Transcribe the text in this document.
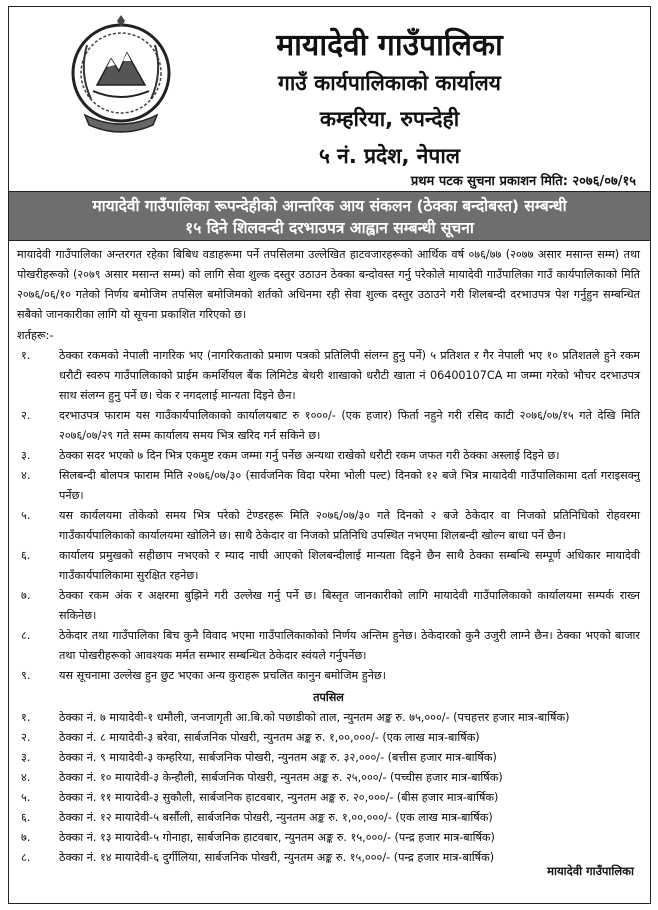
मायादेवी गाउँपालिका
गाउँ कार्यपालिकाको कार्यालय
कम्हरिया, रुपन्देही
५ नं. प्रदेश, नेपाल
प्रथम पटक सुचना प्रकाशन मिति: २०७६/०७/१५
मायादेवी गाउँपालिका रूपन्देहीको आन्तरिक आय संकलन (ठेक्का बन्दोबस्त) सम्बन्धी
१५ दिने शिलवन्दी दरभाउपत्र आह्वान सम्बन्धी सूचना

मायादेवी गाउँपालिका अन्तरगत रहेका बिबिध वडाहरूमा पर्ने तपसिलमा उल्लेखित हाटवजारहरूको आर्थिक वर्ष ०७६/७७ (२०७७ असार मसान्त सम्म) तथा पोखरीहरूको (२०७९ असार मसान्त सम्म) को लागि सेवा शुल्क दस्तुर उठाउन ठेक्का बन्दोवस्त गर्नु परेकोले मायादेवी गाउँपालिका गाउँ कार्यपालिकाको मिति २०७६/०६/१० गतेको निर्णय बमोजिम तपसिल बमोजिमको शर्तको अधिनमा रही सेवा शुल्क दस्तुर उठाउने गरी शिलबन्दी दरभाउपत्र पेश गर्नुहुन सम्बन्धित सबैको जानकारीका लागि यो सूचना प्रकाशित गरिएको छ।

शर्तहरू:-
१.	ठेक्का रकमको नेपाली नागरिक भए (नागरिकताको प्रमाण पत्रको प्रतिलिपी संलग्न हुनु पर्ने) ५ प्रतिशत र गैर नेपाली भए १० प्रतिशतले हुने रकम धरौटी स्वरुप गाउँपालिकाको प्राईम कमर्शियल बैंक लिमिटेड बेथरी शाखाको धरौटी खाता नं 06400107CA मा जम्मा गरेको भौचर दरभाउपत्र साथ संलग्न हुनु पर्ने छ। चेक र नगदलाई मान्यता दिइने छैन।
२.	दरभाउपत्र फाराम यस गाउँकार्यपालिकाको कार्यालयबाट रु १०००/- (एक हजार) फिर्ता नहुने गरी रसिद काटी २०७६/०७/१५ गते देखि मिति २०७६/०७/२९ गते सम्म कार्यालय समय भित्र खरिद गर्न सकिने छ।
३.	ठेक्का सदर भएको ७ दिन भित्र एकमुष्ट रकम जम्मा गर्नु पर्नेछ अन्यथा राखेको धरौटी रकम जफत गरी ठेक्का अस्लाई दिइने छ।
४.	सिलबन्दी बोलपत्र फाराम मिति २०७६/०७/३० (सार्वजनिक विदा परेमा भोली पल्ट) दिनको १२ बजे भित्र मायादेवी गाउँपालिकामा दर्ता गराइसक्नु पर्नेछ।
५.	यस कार्यलयमा तोकेको समय भित्र परेको टेण्डरहरू मिति २०७६/०७/३० गते दिनको २ बजे ठेकेदार वा निजको प्रतिनिधिको रोहवरमा गाउँकार्यपालिकाको कार्यालयमा खोलिने छ। साथै ठेकेदार वा निजको प्रतिनिधि उपस्थित नभएमा शिलबन्दी खोल्न बाधा पर्ने छैन।
६.	कार्यालय प्रमुखको सहीछाप नभएको र म्याद नाघी आएको शिलबन्दीलाई मान्यता दिइने छैन साथै ठेक्का सम्बन्धि सम्पूर्ण अधिकार मायादेवी गाउँकार्यपालिकामा सुरक्षित रहनेछ।
७.	ठेक्का रकम अंक र अक्षरमा बुझिने गरी उल्लेख गर्नु पर्ने छ। बिस्तृत जानकारीको लागि मायादेवी गाउँपालिकाको कार्यालयमा सम्पर्क राख्न सकिनेछ।
८.	ठेकेदार तथा गाउँपालिका बिच कुनै विवाद भएमा गाउँपालिकाकोको निर्णय अन्तिम हुनेछ। ठेकेदारको कुनै उजुरी लाग्ने छैन। ठेक्का भएको बाजार तथा पोखरीहरूको आवश्यक मर्मत सम्भार सम्बन्धित ठेकेदार स्वंयले गर्नुपर्नेछ।
९.	यस सूचनामा उल्लेख हुन छुट भएका अन्य कुराहरू प्रचलित कानुन बमोजिम हुनेछ।
तपसिल
१.	ठेक्का नं. ७ मायादेवी-१ धमौली, जनजागृती आ.बि.को पछाडीको ताल, न्युनतम अङ्क रु. ७५,०००/- (पचहत्तर हजार मात्र-बार्षिक)
२.	ठेक्का नं. ८ मायादेवी-३ बरेवा, सार्बजनिक पोखरी, न्युनतम अङ्क रु. १,००,०००/- (एक लाख मात्र-बार्षिक)
३.	ठेक्का नं. ९ मायादेवी-३ कम्हरिया, सार्बजनिक पोखरी, न्युनतम अङ्क रु. ३२,०००/- (बत्तीस हजार मात्र-बार्षिक)
४.	ठेक्का नं. १० मायादेवी-३ केन्हौली, सार्बजनिक पोखरी, न्युनतम अङ्क रु. २५,०००/- (पच्चीस हजार मात्र-बार्षिक)
५.	ठेक्का नं. ११ मायादेवी-३ सुकौली, सार्बजनिक हाटवबार, न्युनतम अङ्क रु. २०,०००/- (बीस हजार मात्र-बार्षिक)
६.	ठेक्का नं. १२ मायादेवी-५ बर्सौली, सार्बजनिक पोखरी, न्युनतम अङ्क रु. १,००,०००/- (एक लाख मात्र-बार्षिक)
७.	ठेक्का नं. १३ मायादेवी-५ गोनाहा, सार्बजनिक हाटवबार, न्युनतम अङ्क रु. १५,०००/- (पन्द्र हजार मात्र-बार्षिक)
८.	ठेक्का नं. १४ मायादेवी-६ दुर्गीलिया, सार्बजनिक पोखरी, न्युनतम अङ्क रु. १५,०००/- (पन्द्र हजार मात्र-बार्षिक)
मायादेवी गाउँपालिका
